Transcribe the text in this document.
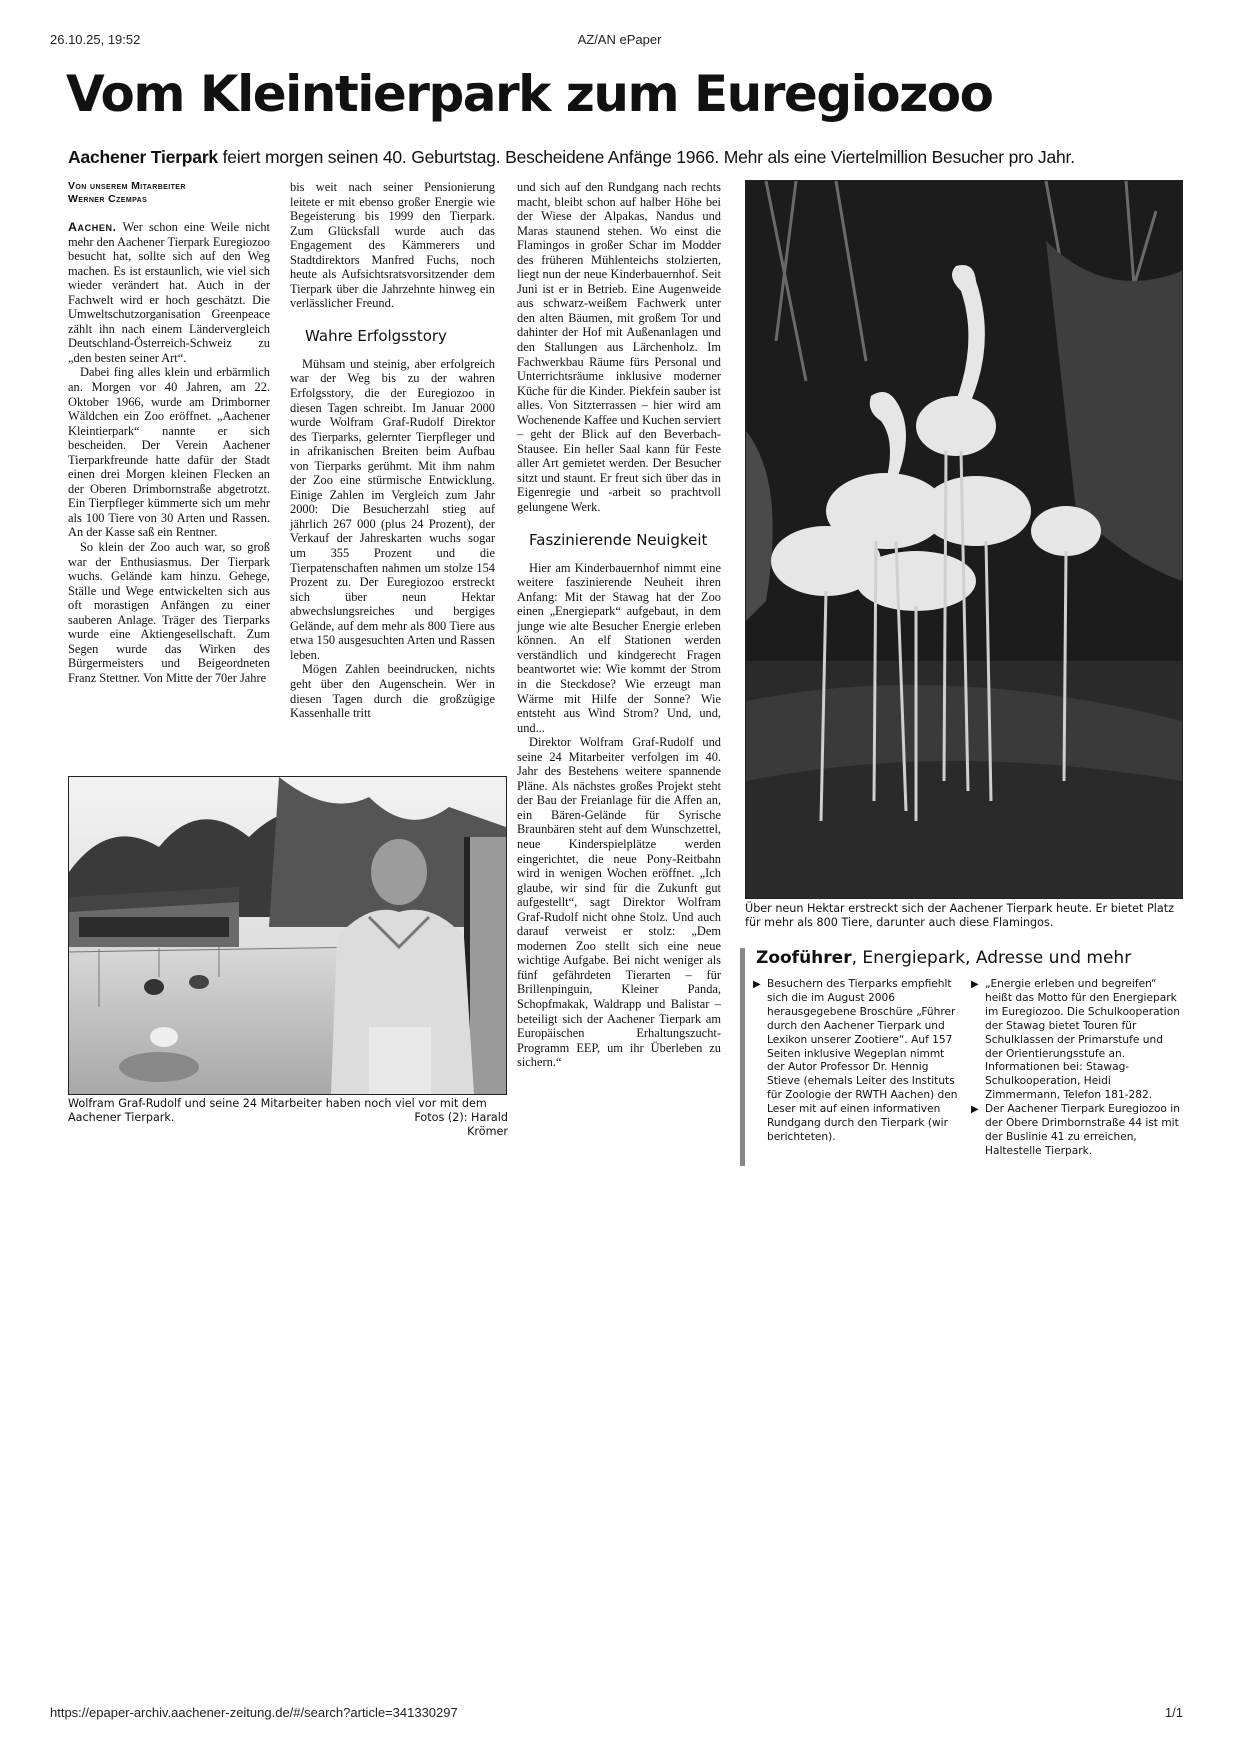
26.10.25, 19:52	AZ/AN ePaper
https://epaper-archiv.aachener-zeitung.de/#/search?article=341330297	1/1
Vom Kleintierpark zum Euregiozoo
Aachener Tierpark feiert morgen seinen 40. Geburtstag. Bescheidene Anfänge 1966. Mehr als eine Viertelmillion Besucher pro Jahr.
Von unserem Mitarbeiter
Werner Czempas

Aachen. Wer schon eine Weile nicht mehr den Aachener Tierpark Euregiozoo besucht hat, sollte sich auf den Weg machen. Es ist erstaunlich, wie viel sich wieder verändert hat. Auch in der Fachwelt wird er hoch geschätzt. Die Umweltschutzorganisation Greenpeace zählt ihn nach einem Ländervergleich Deutschland-Österreich-Schweiz zu „den besten seiner Art“.

Dabei fing alles klein und erbärmlich an. Morgen vor 40 Jahren, am 22. Oktober 1966, wurde am Drimborner Wäldchen ein Zoo eröffnet. „Aachener Kleintierpark“ nannte er sich bescheiden. Der Verein Aachener Tierparkfreunde hatte dafür der Stadt einen drei Morgen kleinen Flecken an der Oberen Drimbornstraße abgetrotzt. Ein Tierpfleger kümmerte sich um mehr als 100 Tiere von 30 Arten und Rassen. An der Kasse saß ein Rentner.

So klein der Zoo auch war, so groß war der Enthusiasmus. Der Tierpark wuchs. Gelände kam hinzu. Gehege, Ställe und Wege entwickelten sich aus oft morastigen Anfängen zu einer sauberen Anlage. Träger des Tierparks wurde eine Aktiengesellschaft. Zum Segen wurde das Wirken des Bürgermeisters und Beigeordneten Franz Stettner. Von Mitte der 70er Jahre

bis weit nach seiner Pensionierung leitete er mit ebenso großer Energie wie Begeisterung bis 1999 den Tierpark. Zum Glücksfall wurde auch das Engagement des Kämmerers und Stadtdirektors Manfred Fuchs, noch heute als Aufsichtsratsvorsitzender dem Tierpark über die Jahrzehnte hinweg ein verlässlicher Freund.

Wahre Erfolgsstory

Mühsam und steinig, aber erfolgreich war der Weg bis zu der wahren Erfolgsstory, die der Euregiozoo in diesen Tagen schreibt. Im Januar 2000 wurde Wolfram Graf-Rudolf Direktor des Tierparks, gelernter Tierpfleger und in afrikanischen Breiten beim Aufbau von Tierparks gerühmt. Mit ihm nahm der Zoo eine stürmische Entwicklung. Einige Zahlen im Vergleich zum Jahr 2000: Die Besucherzahl stieg auf jährlich 267 000 (plus 24 Prozent), der Verkauf der Jahreskarten wuchs sogar um 355 Prozent und die Tierpatenschaften nahmen um stolze 154 Prozent zu. Der Euregiozoo erstreckt sich über neun Hektar abwechslungsreiches und bergiges Gelände, auf dem mehr als 800 Tiere aus etwa 150 ausgesuchten Arten und Rassen leben.

Mögen Zahlen beeindrucken, nichts geht über den Augenschein. Wer in diesen Tagen durch die großzügige Kassenhalle tritt

und sich auf den Rundgang nach rechts macht, bleibt schon auf halber Höhe bei der Wiese der Alpakas, Nandus und Maras staunend stehen. Wo einst die Flamingos in großer Schar im Modder des früheren Mühlenteichs stolzierten, liegt nun der neue Kinderbauernhof. Seit Juni ist er in Betrieb. Eine Augenweide aus schwarz-weißem Fachwerk unter den alten Bäumen, mit großem Tor und dahinter der Hof mit Außenanlagen und den Stallungen aus Lärchenholz. Im Fachwerkbau Räume fürs Personal und Unterrichtsräume inklusive moderner Küche für die Kinder. Piekfein sauber ist alles. Von Sitzterrassen – hier wird am Wochenende Kaffee und Kuchen serviert – geht der Blick auf den Beverbach-Stausee. Ein heller Saal kann für Feste aller Art gemietet werden. Der Besucher sitzt und staunt. Er freut sich über das in Eigenregie und -arbeit so prachtvoll gelungene Werk.

Faszinierende Neuigkeit

Hier am Kinderbauernhof nimmt eine weitere faszinierende Neuheit ihren Anfang: Mit der Stawag hat der Zoo einen „Energiepark“ aufgebaut, in dem junge wie alte Besucher Energie erleben können. An elf Stationen werden verständlich und kindgerecht Fragen beantwortet wie: Wie kommt der Strom in die Steckdose? Wie erzeugt man Wärme mit Hilfe der Sonne? Wie entsteht aus Wind Strom? Und, und, und...

Direktor Wolfram Graf-Rudolf und seine 24 Mitarbeiter verfolgen im 40. Jahr des Bestehens weitere spannende Pläne. Als nächstes großes Projekt steht der Bau der Freianlage für die Affen an, ein Bären-Gelände für Syrische Braunbären steht auf dem Wunschzettel, neue Kinderspielplätze werden eingerichtet, die neue Pony-Reitbahn wird in wenigen Wochen eröffnet. „Ich glaube, wir sind für die Zukunft gut aufgestellt“, sagt Direktor Wolfram Graf-Rudolf nicht ohne Stolz. Und auch darauf verweist er stolz: „Dem modernen Zoo stellt sich eine neue wichtige Aufgabe. Bei nicht weniger als fünf gefährdeten Tierarten – für Brillenpinguin, Kleiner Panda, Schopfmakak, Waldrapp und Balistar – beteiligt sich der Aachener Tierpark am Europäischen Erhaltungszucht-Programm EEP, um ihr Überleben zu sichern.“

Wolfram Graf-Rudolf und seine 24 Mitarbeiter haben noch viel vor mit dem Aachener Tierpark.	Fotos (2): Harald Krömer
Über neun Hektar erstreckt sich der Aachener Tierpark heute. Er bietet Platz für mehr als 800 Tiere, darunter auch diese Flamingos.
Zooführer, Energiepark, Adresse und mehr
▶ Besuchern des Tierparks empfiehlt sich die im August 2006 herausgegebene Broschüre „Führer durch den Aachener Tierpark und Lexikon unserer Zootiere“. Auf 157 Seiten inklusive Wegeplan nimmt der Autor Professor Dr. Hennig Stieve (ehemals Leiter des Instituts für Zoologie der RWTH Aachen) den Leser mit auf einen informativen Rundgang durch den Tierpark (wir berichteten).
▶ „Energie erleben und begreifen“ heißt das Motto für den Energiepark im Euregiozoo. Die Schulkooperation der Stawag bietet Touren für Schulklassen der Primarstufe und der Orientierungsstufe an. Informationen bei: Stawag-Schulkooperation, Heidi Zimmermann, Telefon 181-282.
▶ Der Aachener Tierpark Euregiozoo in der Obere Drimbornstraße 44 ist mit der Buslinie 41 zu erreichen, Haltestelle Tierpark.
